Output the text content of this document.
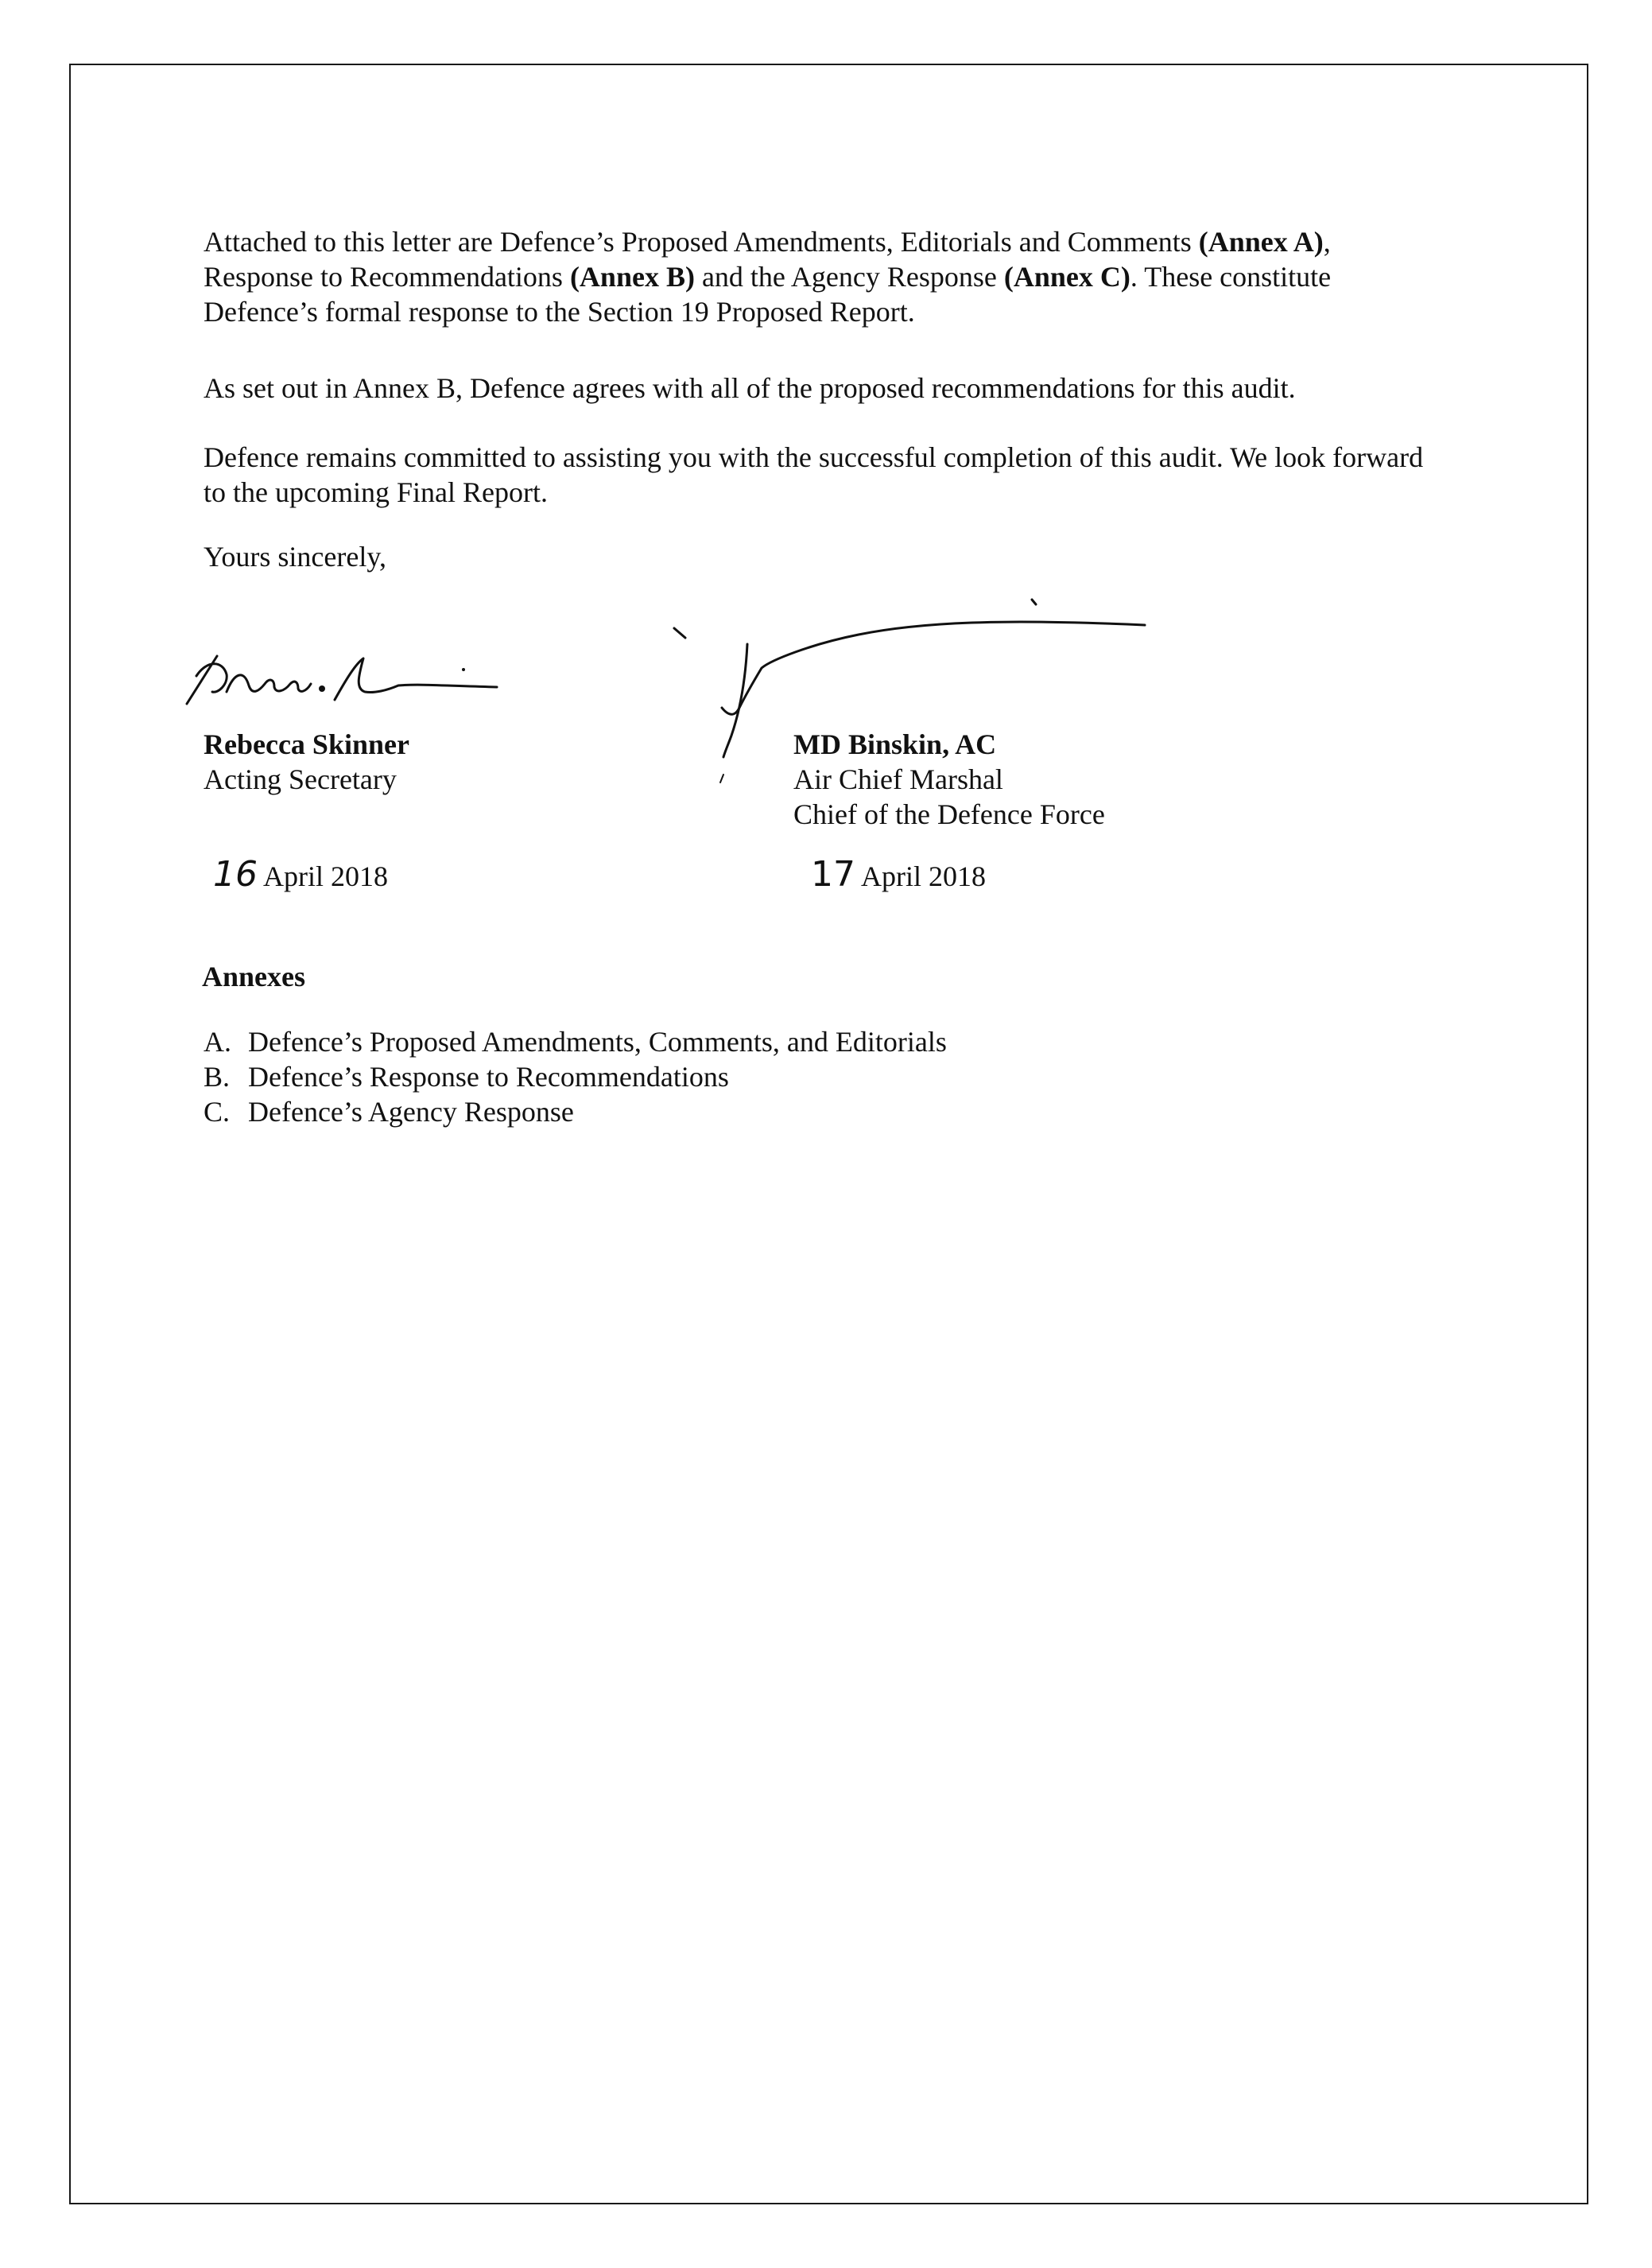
Attached to this letter are Defence’s Proposed Amendments, Editorials and Comments (Annex A), Response to Recommendations (Annex B) and the Agency Response (Annex C). These constitute Defence’s formal response to the Section 19 Proposed Report.

As set out in Annex B, Defence agrees with all of the proposed recommendations for this audit.

Defence remains committed to assisting you with the successful completion of this audit. We look forward to the upcoming Final Report.

Yours sincerely,
Rebecca Skinner
Acting Secretary
16 April 2018
MD Binskin, AC
Air Chief Marshal
Chief of the Defence Force
17 April 2018
Annexes
A. Defence’s Proposed Amendments, Comments, and Editorials
B. Defence’s Response to Recommendations
C. Defence’s Agency Response
